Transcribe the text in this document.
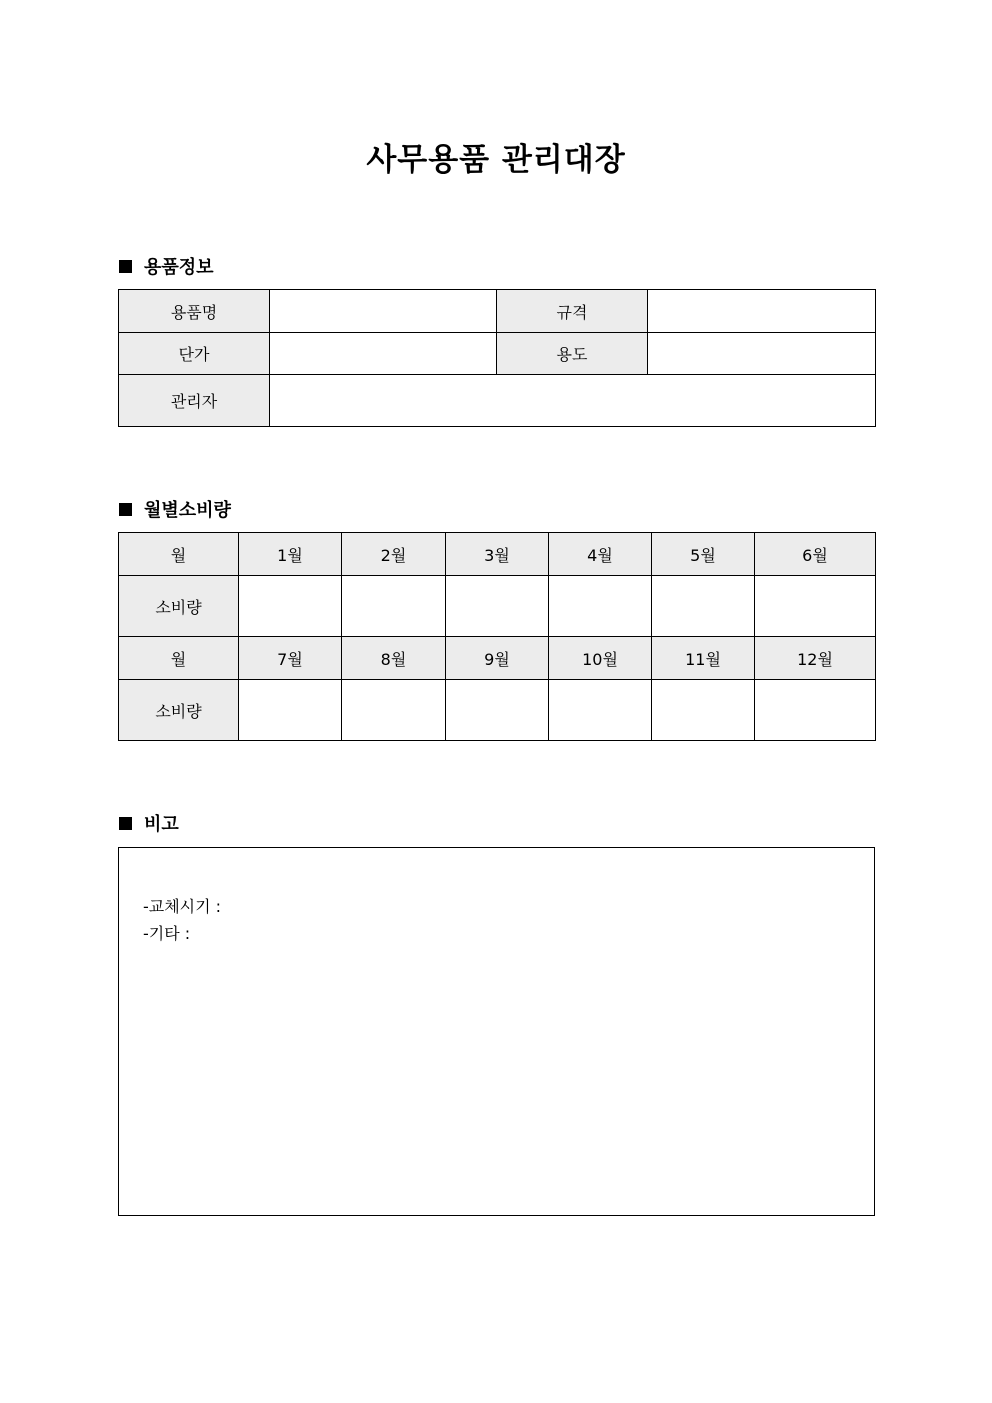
사무용품 관리대장
용품정보
용품명		규격	
단가		용도	
관리자			
월별소비량
월	1월	2월	3월	4월	5월	6월
소비량						
월	7월	8월	9월	10월	11월	12월
소비량						
비고
-교체시기 :
-기타 :
